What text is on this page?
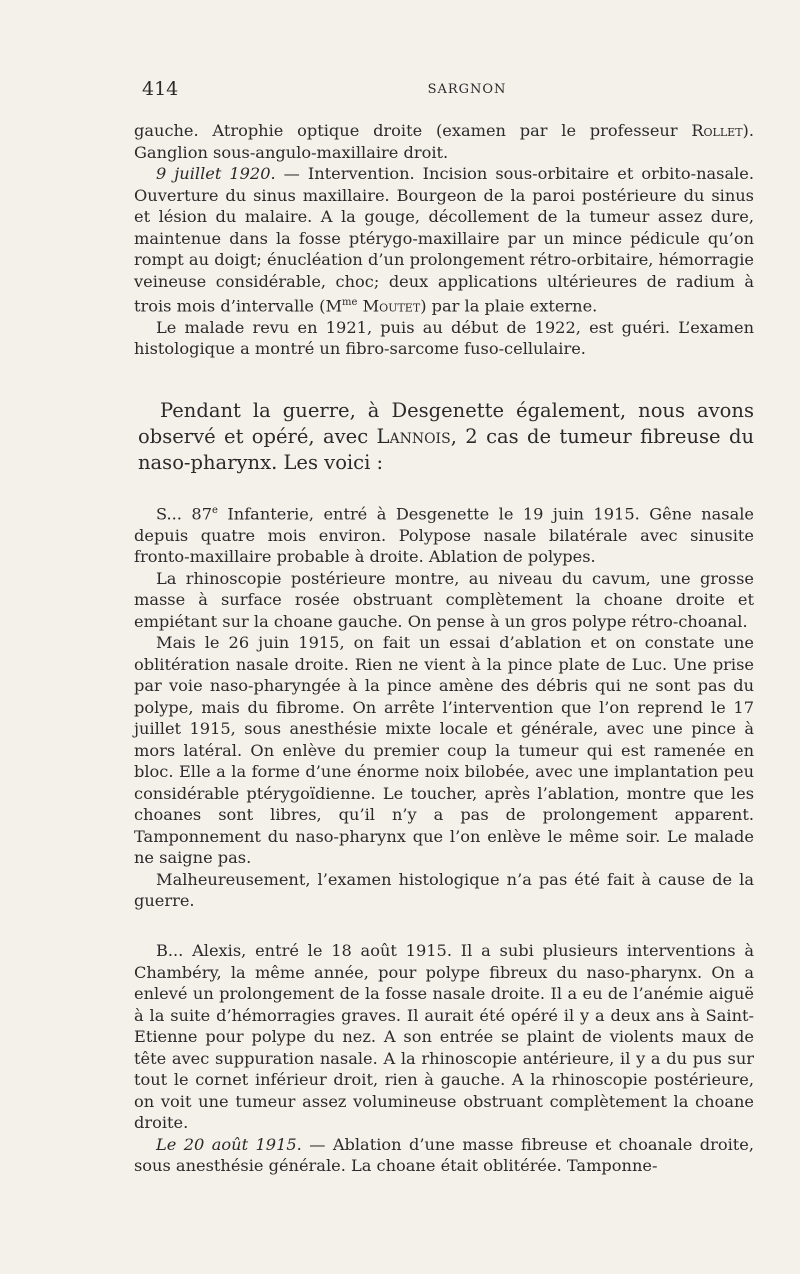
414	SARGNON

gauche. Atrophie optique droite (examen par le professeur Rollet). Ganglion sous-angulo-maxillaire droit.

9 juillet 1920. — Intervention. Incision sous-orbitaire et orbito-nasale. Ouverture du sinus maxillaire. Bourgeon de la paroi postérieure du sinus et lésion du malaire. A la gouge, décollement de la tumeur assez dure, maintenue dans la fosse ptérygo-maxillaire par un mince pédicule qu’on rompt au doigt; énucléation d’un prolongement rétro-orbitaire, hémorragie veineuse considérable, choc; deux applications ultérieures de radium à trois mois d’intervalle ($M^{me}$ Moutet) par la plaie externe.

Le malade revu en 1921, puis au début de 1922, est guéri. L’examen histologique a montré un fibro-sarcome fuso-cellulaire.

Pendant la guerre, à Desgenette également, nous avons observé et opéré, avec Lannois, 2 cas de tumeur fibreuse du naso-pharynx. Les voici :

S... 87e Infanterie, entré à Desgenette le 19 juin 1915. Gêne nasale depuis quatre mois environ. Polypose nasale bilatérale avec sinusite fronto-maxillaire probable à droite. Ablation de polypes.

La rhinoscopie postérieure montre, au niveau du cavum, une grosse masse à surface rosée obstruant complètement la choane droite et empiétant sur la choane gauche. On pense à un gros polype rétro-choanal.

Mais le 26 juin 1915, on fait un essai d’ablation et on constate une oblitération nasale droite. Rien ne vient à la pince plate de Luc. Une prise par voie naso-pharyngée à la pince amène des débris qui ne sont pas du polype, mais du fibrome. On arrête l’intervention que l’on reprend le 17 juillet 1915, sous anesthésie mixte locale et générale, avec une pince à mors latéral. On enlève du premier coup la tumeur qui est ramenée en bloc. Elle a la forme d’une énorme noix bilobée, avec une implantation peu considérable ptérygoïdienne. Le toucher, après l’ablation, montre que les choanes sont libres, qu’il n’y a pas de prolongement apparent. Tamponnement du naso-pharynx que l’on enlève le même soir. Le malade ne saigne pas.

Malheureusement, l’examen histologique n’a pas été fait à cause de la guerre.

B... Alexis, entré le 18 août 1915. Il a subi plusieurs interventions à Chambéry, la même année, pour polype fibreux du naso-pharynx. On a enlevé un prolongement de la fosse nasale droite. Il a eu de l’anémie aiguë à la suite d’hémorragies graves. Il aurait été opéré il y a deux ans à Saint-Etienne pour polype du nez. A son entrée se plaint de violents maux de tête avec suppuration nasale. A la rhinoscopie antérieure, il y a du pus sur tout le cornet inférieur droit, rien à gauche. A la rhinoscopie postérieure, on voit une tumeur assez volumineuse obstruant complètement la choane droite.

Le 20 août 1915. — Ablation d’une masse fibreuse et choanale droite, sous anesthésie générale. La choane était oblitérée. Tamponne-
